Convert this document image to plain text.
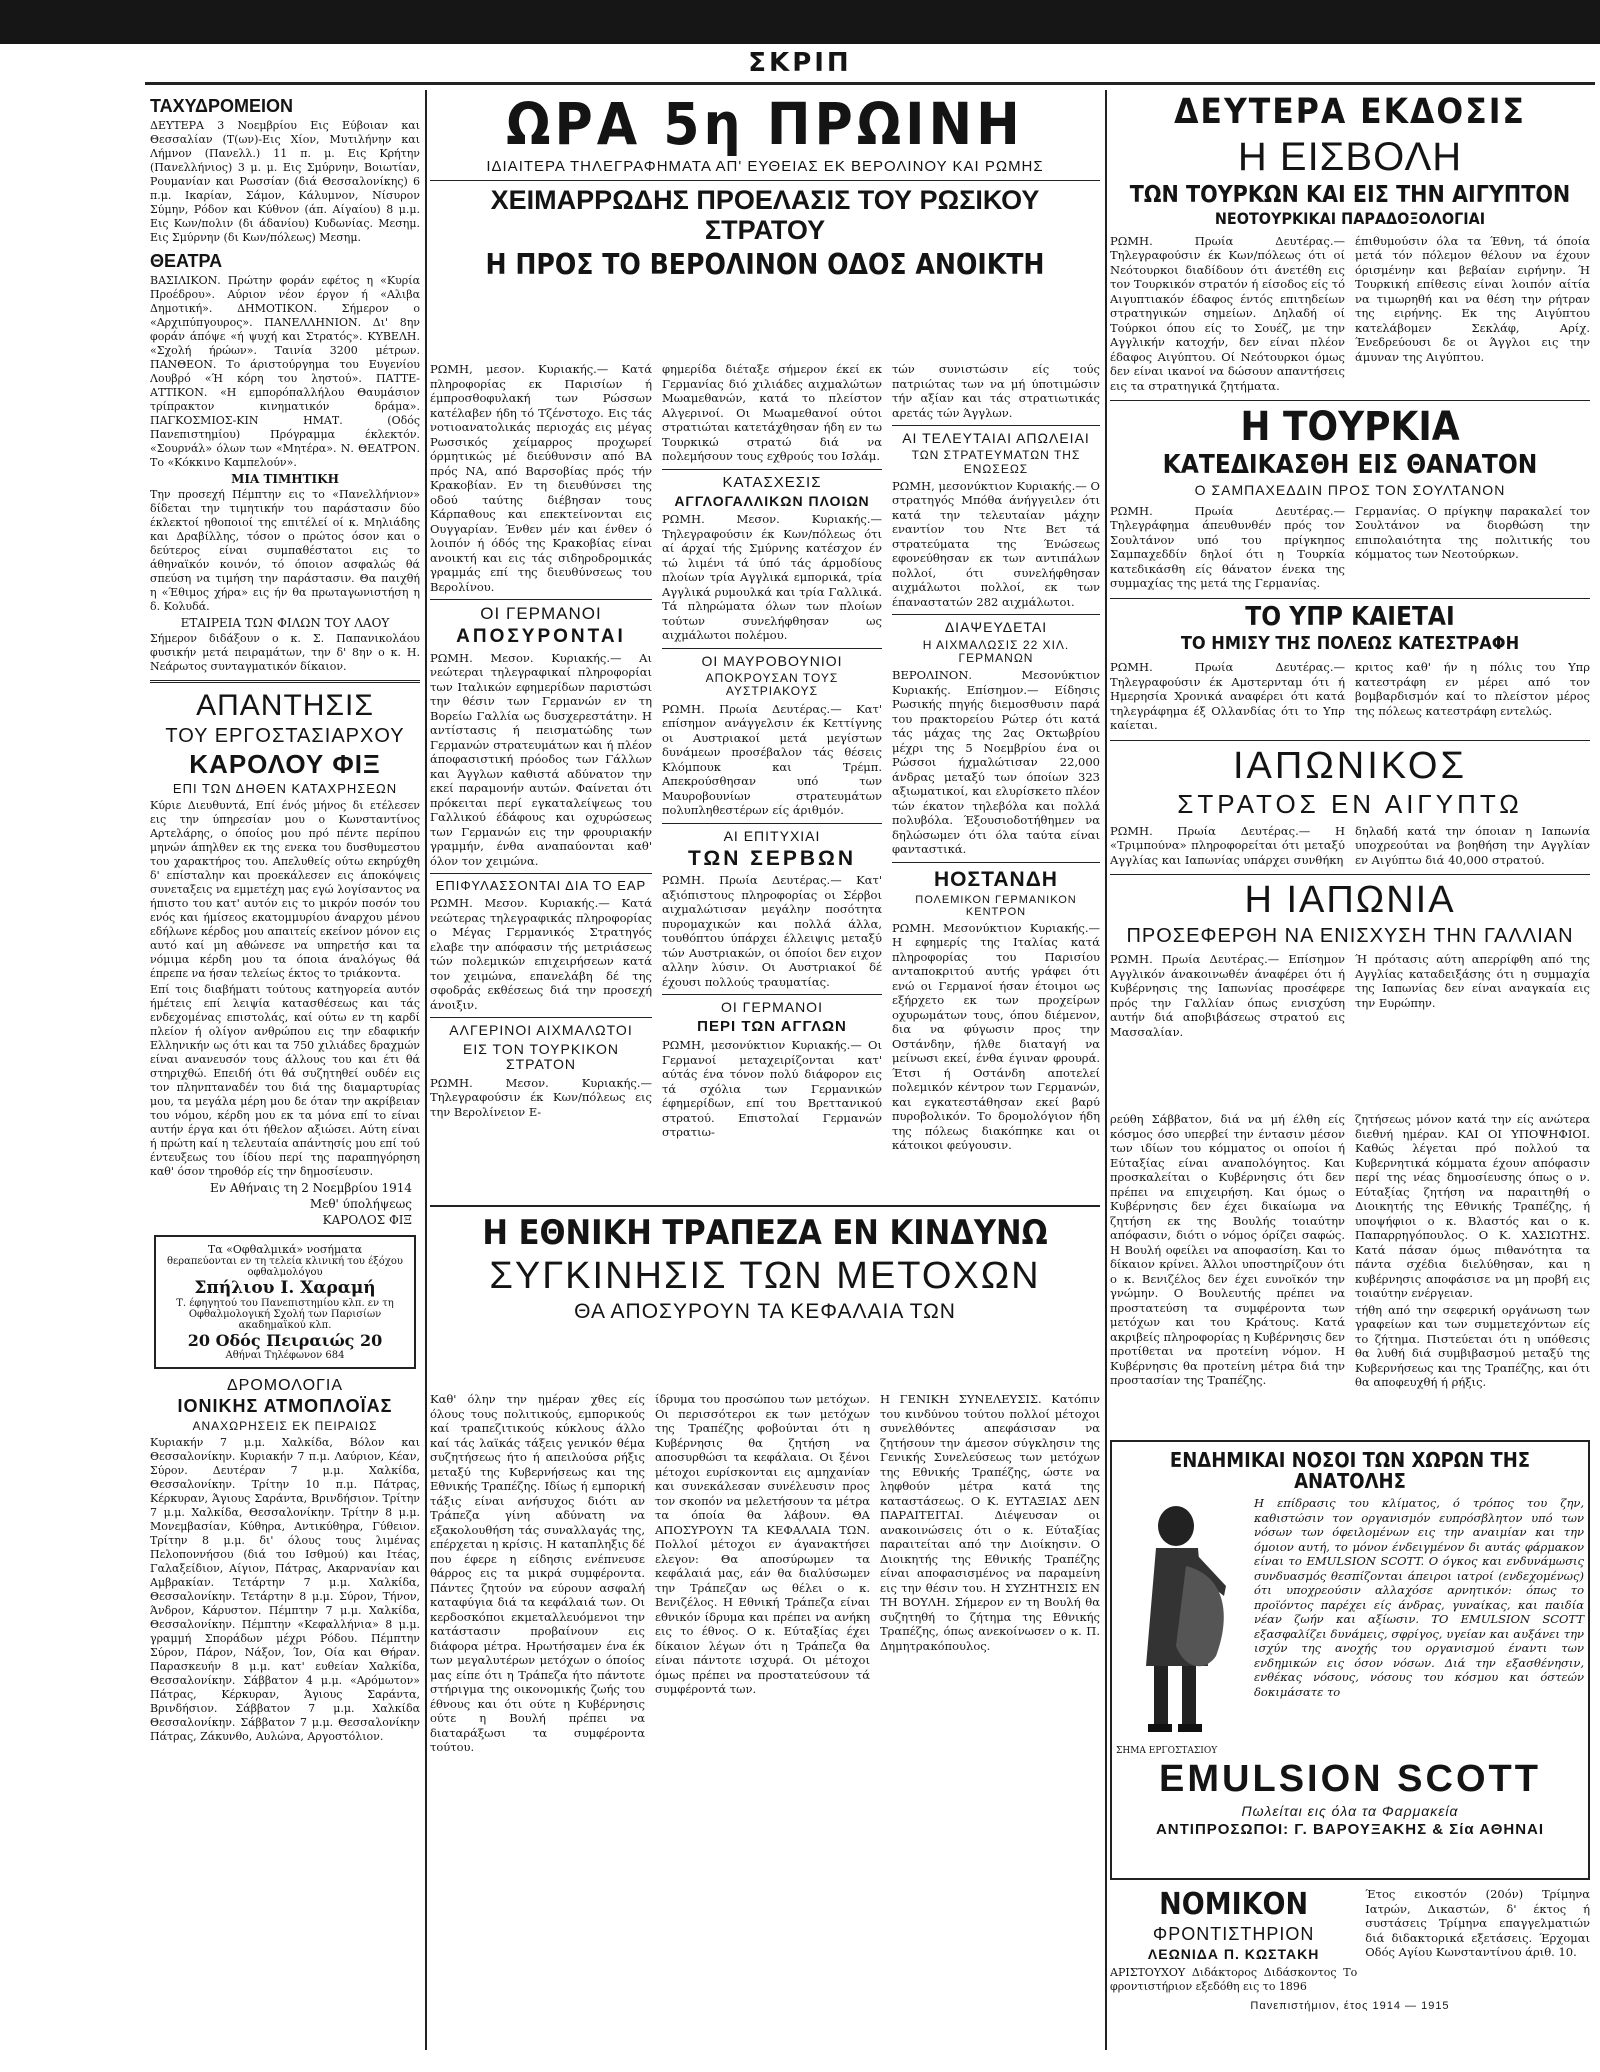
ΣΚΡΙΠ
ΤΑΧΥΔΡΟΜΕΙΟΝ
ΔΕΥΤΕΡΑ 3 Νοεμβρίου Εις Εύβοιαν και Θεσσαλίαν (Τ(ων)-Εις Χίον, Μυτιλήνην και Λήμνον (Πανελλ.) 11 π. μ. Εις Κρήτην (Πανελλήνιος) 3 μ. μ. Εις Σμύρνην, Βοιωτίαν, Ρουμανίαν και Ρωσσίαν (διά Θεσσαλονίκης) 6 π.μ. Ικαρίαν, Σάμον, Κάλυμνον, Νίσυρον Σύμην, Ρόδον και Κύθνον (άπ. Αίγαίου) 8 μ.μ. Εις Κων/πολιν (δι άδανίου) Κυδωνίας. Μεσημ. Εις Σμύρνην (δι Κων/πόλεως) Μεσημ.
ΘΕΑΤΡΑ
ΒΑΣΙΛΙΚΟΝ. Πρώτην φοράν εφέτος η «Κυρία Προέδρου». Αύριον νέον έργον ή «Αλιβα Δημοτική». ΔΗΜΟΤΙΚΟΝ. Σήμερον ο «Αρχιπύπγουρος». ΠΑΝΕΛΛΗΝΙΟΝ. Δι' 8ην φοράν άπόψε «ή ψυχή και Στρατός». ΚΥΒΕΛΗ. «Σχολή ήρώων». Ταινία 3200 μέτρων. ΠΑΝΘΕΟΝ. Το άριστούργημα του Ευγενίου Λουβρό «Ή κόρη του ληστού». ΠΑΤΤΕ-ΑΤΤΙΚΟΝ. «Η εμπορόπαλλήλου Θαυμάσιον τρίπρακτον κινηματικόν δράμα». ΠΑΓΚΟΣΜΙΟΣ-ΚΙΝ ΗΜΑΤ. (Οδός Πανεπιστημίου) Πρόγραμμα έκλεκτόν. «Σουρνάλ» όλων των «Μητέρα». Ν. ΘΕΑΤΡΟΝ. Το «Κόκκινο Καμπελούν».
ΜΙΑ ΤΙΜΗΤΙΚΗ
Την προσεχή Πέμπτην εις το «Πανελλήνιον» δίδεται την τιμητικήν του παράστασιν δύο έκλεκτοί ηθοποιοί της επιτέλεί οί κ. Μηλιάδης και Δραβίλλης, τόσον ο πρώτος όσον και ο δεύτερος είναι συμπαθέστατοι εις το άθηναϊκόν κοινόν, τό όποιον ασφαλώς θά σπεύση να τιμήση την παράστασιν. Θα παιχθή η «Έθιμος χήρα» εις ήν θα πρωταγωνιστήση η δ. Κολυδά.
ΕΤΑΙΡΕΙΑ ΤΩΝ ΦΙΛΩΝ ΤΟΥ ΛΑΟΥ
Σήμερον διδάξουν ο κ. Σ. Παπανικολάου φυσικήν μετά πειραμάτων, την δ' 8ην ο κ. Η. Νεάρωτος συνταγματικόν δίκαιον.
ΑΠΑΝΤΗΣΙΣ
ΤΟΥ ΕΡΓΟΣΤΑΣΙΑΡΧΟΥ
ΚΑΡΟΛΟΥ ΦΙΞ
ΕΠΙ ΤΩΝ ΔΗΘΕΝ ΚΑΤΑΧΡΗΣΕΩΝ
Κύριε Διευθυντά, Επί ένός μήνος δι ετέλεσεν εις την ύπηρεσίαν μου ο Κωνσταντίνος Αρτελάρης, ο όποίος μου πρό πέντε περίπου μηνών άπηλθεν εκ της ενεκα του δυσθυμεστου του χαρακτήρος του. Απελυθείς ούτω εκηρύχθη δ' επίσταλην και προεκάλεσεν εις άποκόψεις συνεταξεις να εμμετέχη μας εγώ λογίσαντος να ήπιστο του κατ' αυτόν εις το μικρόν ποσόν του ενός και ήμίσεος εκατομμυρίου άναρχου μένου εδήλωνε κέρδος μου απαιτείς εκείνον μόνον εις αυτό καί μη αθώνεσε να υπηρετήσ και τα νόμιμα κέρδη μου τα όποια άναλόγως θά έπρεπε να ήσαν τελείως έκτος το τριάκοντα.
Επί τοις διαβήματι τούτους κατηγορεία αυτόν ήμέτεις επί λειψία κατασθέσεως και τάς ενδεχομένας επιστολάς, καί ούτω εν τη καρδί πλείον ή ολίγον ανθρώπου εις την εδαφικήν Ελληνικήν ως ότι και τα 750 χιλιάδες δραχμών είναι ανανευσόν τους άλλους του και έτι θά στηριχθώ. Επειδή ότι θά συζητηθεί ουδέν εις τον πληνπταναδέν του διά της διαμαρτυρίας μου, τα μεγάλα μέρη μου δε όταν την ακρίβειαν του νόμου, κέρδη μου εκ τα μόνα επί το είναι αυτήν έργα και ότι ήθελον αξιώσει. Αύτη είναι ή πρώτη καί η τελευταία απάντησίς μου επί τού έντευξεως του ίδίου περί της παραπηγόρηση καθ' όσον τηροθόρ είς την δημοσίευσιν.
Εν Αθήναις τη 2 Νοεμβρίου 1914
Μεθ' ύπολήψεως
ΚΑΡΟΛΟΣ ΦΙΞ
Τα «Οφθαλμικά» νοσήματα
θεραπεύονται εν τη τελεία κλινική του έξόχου οφθαλμολόγου
Σπήλιου Ι. Χαραμή
Τ. έφηγητού του Πανεπιστημίου κλπ. εν τη Οφθαλμολογική Σχολή των Παρισίων ακαδημαϊκού κλπ.
20 Οδός Πειραιώς 20
Αθήναι Τηλέφωνον 684
ΔΡΟΜΟΛΟΓΙΑ
ΙΟΝΙΚΗΣ ΑΤΜΟΠΛΟΪΑΣ
ΑΝΑΧΩΡΗΣΕΙΣ ΕΚ ΠΕΙΡΑΙΩΣ
Κυριακήν 7 μ.μ. Χαλκίδα, Βόλον και Θεσσαλονίκην. Κυριακήν 7 π.μ. Λαύριον, Κέαν, Σύρον. Δευτέραν 7 μ.μ. Χαλκίδα, Θεσσαλονίκην. Τρίτην 10 π.μ. Πάτρας, Κέρκυραν, Άγιους Σαράντα, Βρινδήσιον. Τρίτην 7 μ.μ. Χαλκίδα, Θεσσαλονίκην. Τρίτην 8 μ.μ. Μονεμβασίαν, Κύθηρα, Αντικύθηρα, Γύθειον. Τρίτην 8 μ.μ. δι' όλους τους λιμένας Πελοποννήσου (διά του Ισθμού) και Ιτέας, Γαλαξείδιον, Αίγιον, Πάτρας, Ακαρνανίαν και Αμβρακίαν. Τετάρτην 7 μ.μ. Χαλκίδα, Θεσσαλονίκην. Τετάρτην 8 μ.μ. Σύρον, Τήνον, Άνδρον, Κάρυστον. Πέμπτην 7 μ.μ. Χαλκίδα, Θεσσαλονίκην. Πέμπτην «Κεφαλλήνια» 8 μ.μ. γραμμή Σποράδων μέχρι Ρόδου. Πέμπτην Σύρον, Πάρον, Νάξον, Ίον, Οία και Θήραν. Παρασκευήν 8 μ.μ. κατ' ευθείαν Χαλκίδα, Θεσσαλονίκην. Σάββατον 4 μ.μ. «Αρόμωτον» Πάτρας, Κέρκυραν, Άγιους Σαράντα, Βρινδήσιον. Σάββατον 7 μ.μ. Χαλκίδα Θεσσαλονίκην. Σάββατον 7 μ.μ. Θεσσαλονίκην Πάτρας, Ζάκυνθο, Αυλώνα, Αργοστόλιον.
ΩΡΑ 5η ΠΡΩΙΝΗ
ΙΔΙΑΙΤΕΡΑ ΤΗΛΕΓΡΑΦΗΜΑΤΑ ΑΠ' ΕΥΘΕΙΑΣ ΕΚ ΒΕΡΟΛΙΝΟΥ ΚΑΙ ΡΩΜΗΣ
ΧΕΙΜΑΡΡΩΔΗΣ ΠΡΟΕΛΑΣΙΣ ΤΟΥ ΡΩΣΙΚΟΥ ΣΤΡΑΤΟΥ
Η ΠΡΟΣ ΤΟ ΒΕΡΟΛΙΝΟΝ ΟΔΟΣ ΑΝΟΙΚΤΗ
ΡΩΜΗ, μεσον. Κυριακής.— Κατά πληροφορίας εκ Παρισίων ή έμπροσθοφυλακή των Ρώσσων κατέλαβεν ήδη τό Τζένστοχο. Εις τάς νοτιοανατολικάς περιοχάς εις μέγας Ρωσσικός χείμαρρος προχωρεί όρμητικώς μέ διεύθυνσιν από ΒΑ πρός ΝΑ, από Βαρσοβίας πρός τήν Κρακοβίαν. Εν τη διευθύνσει της οδού ταύτης διέβησαν τους Κάρπαθους και επεκτείνονται εις Ουγγαρίαν. Ένθεν μέν και ένθεν ό λοιπόν ή όδός της Κρακοβίας είναι ανοικτή και εις τάς σιδηροδρομικάς γραμμάς επί της διευθύνσεως του Βερολίνου.
ΟΙ ΓΕΡΜΑΝΟΙ
ΑΠΟΣΥΡΟΝΤΑΙ
ΡΩΜΗ. Μεσον. Κυριακής.— Αι νεώτεραι τηλεγραφικαί πληροφορίαι των Ιταλικών εφημερίδων παριστώσι την θέσιν των Γερμανών εν τη Βορείω Γαλλία ως δυσχερεστάτην. Η αντίστασις ή πεισματώδης των Γερμανών στρατευμάτων και ή πλέον άποφασιστική πρόοδος των Γάλλων και Άγγλων καθιστά αδύνατον την εκεί παραμονήν αυτών. Φαίνεται ότι πρόκειται περί εγκαταλείψεως του Γαλλικού έδάφους και οχυρώσεως των Γερμανών εις την φρουριακήν γραμμήν, ένθα αναπαύονται καθ' όλον τον χειμώνα.
ΕΠΙΦΥΛΑΣΣΟΝΤΑΙ ΔΙΑ ΤΟ ΕΑΡ
ΡΩΜΗ. Μεσον. Κυριακής.— Κατά νεώτερας τηλεγραφικάς πληροφορίας ο Μέγας Γερμανικός Στρατηγός ελαβε την απόφασιν τής μετριάσεως τών πολεμικών επιχειρήσεων κατά τον χειμώνα, επανελάβη δέ της σφοδράς εκθέσεως διά την προσεχή άνοιξιν.
ΑΛΓΕΡΙΝΟΙ ΑΙΧΜΑΛΩΤΟΙ
ΕΙΣ ΤΟΝ ΤΟΥΡΚΙΚΟΝ ΣΤΡΑΤΟΝ
ΡΩΜΗ. Μεσον. Κυριακής.— Τηλεγραφούσιν έκ Κων/πόλεως εις την Βερολίνειον Ε-
φημερίδα διέταξε σήμερον έκεί εκ Γερμανίας διό χιλιάδες αιχμαλώτων Μωαμεθανών, κατά το πλείστον Αλγερινοί. Οι Μωαμεθανοί ούτοι στρατιώται κατετάχθησαν ήδη εν τω Τουρκικώ στρατώ διά να πολεμήσουν τους εχθρούς του Ισλάμ.
ΚΑΤΑΣΧΕΣΙΣ
ΑΓΓΛΟΓΑΛΛΙΚΩΝ ΠΛΟΙΩΝ
ΡΩΜΗ. Μεσον. Κυριακής.— Τηλεγραφούσιν έκ Κων/πόλεως ότι αί άρχαί τής Σμύρνης κατέσχον έν τώ λιμένι τά ύπό τάς άρμοδίους πλοίων τρία Αγγλικά εμπορικά, τρία Αγγλικά ρυμουλκά και τρία Γαλλικά. Τά πληρώματα όλων των πλοίων τούτων συνελήφθησαν ως αιχμάλωτοι πολέμου.
ΟΙ ΜΑΥΡΟΒΟΥΝΙΟΙ
ΑΠΟΚΡΟΥΣΑΝ ΤΟΥΣ ΑΥΣΤΡΙΑΚΟΥΣ
ΡΩΜΗ. Πρωία Δευτέρας.— Κατ' επίσημον ανάγγελσιν έκ Κεττίγνης οι Αυστριακοί μετά μεγίστων δυνάμεων προσέβαλον τάς θέσεις Κλόμπουκ και Τρέμπ. Απεκρούσθησαν υπό των Μαυροβουνίων στρατευμάτων πολυπληθεστέρων είς άριθμόν.
ΑΙ ΕΠΙΤΥΧΙΑΙ
ΤΩΝ ΣΕΡΒΩΝ
ΡΩΜΗ. Πρωία Δευτέρας.— Κατ' αξιόπιστους πληροφορίας οι Σέρβοι αιχμαλώτισαν μεγάλην ποσότητα πυρομαχικών και πολλά άλλα, τουθόπτου ύπάρχει έλλειψις μεταξύ τών Αυστριακών, οι όποίοι δεν ειχον αλλην λύσιν. Οι Αυστριακοί δέ έχουσι πολλούς τραυματίας.
ΟΙ ΓΕΡΜΑΝΟΙ
ΠΕΡΙ ΤΩΝ ΑΓΓΛΩΝ
ΡΩΜΗ, μεσονύκτιον Κυριακής.— Οι Γερμανοί μεταχειρίζονται κατ' αύτάς ένα τόνον πολύ διάφορον εις τά σχόλια των Γερμανικών έφημερίδων, επί του Βρεττανικού στρατού. Επιστολαί Γερμανών στρατιω-
τών συνιστώσιν είς τούς πατριώτας των να μή ύποτιμώσιν τήν αξίαν και τάς στρατιωτικάς αρετάς τών Άγγλων.
ΑΙ ΤΕΛΕΥΤΑΙΑΙ ΑΠΩΛΕΙΑΙ
ΤΩΝ ΣΤΡΑΤΕΥΜΑΤΩΝ ΤΗΣ ΕΝΩΣΕΩΣ
ΡΩΜΗ, μεσονύκτιον Κυριακής.— Ο στρατηγός Μπόθα άνήγγειλεν ότι κατά την τελευταίαν μάχην εναντίον του Ντε Βετ τά στρατεύματα της Ένώσεως εφονεύθησαν εκ των αντιπάλων πολλοί, ότι συνελήφθησαν αιχμάλωτοι πολλοί, εκ των έπαναστατών 282 αιχμάλωτοι.
ΔΙΑΨΕΥΔΕΤΑΙ
Η ΑΙΧΜΑΛΩΣΙΣ 22 ΧΙΛ. ΓΕΡΜΑΝΩΝ
ΒΕΡΟΛΙΝΟΝ. Μεσονύκτιον Κυριακής. Επίσημον.— Είδησις Ρωσικής πηγής διεμοσθυσιν παρά του πρακτορείου Ρώτερ ότι κατά τάς μάχας της 2ας Οκτωβρίου μέχρι της 5 Νοεμβρίου ένα οι Ρώσσοι ήχμαλώτισαν 22,000 άνδρας μεταξύ των όποίων 323 αξιωματικοί, και ελυρίσκετο πλέον τών έκατον τηλεβόλα και πολλά πολυβόλα. Έξουσιοδοτήθημεν να δηλώσωμεν ότι όλα ταύτα είναι φανταστικά.
ΗΟΣΤΑΝΔΗ
ΠΟΛΕΜΙΚΟΝ ΓΕΡΜΑΝΙΚΟΝ ΚΕΝΤΡΟΝ
ΡΩΜΗ. Μεσονύκτιον Κυριακής.— Η εφημερίς της Ιταλίας κατά πληροφορίας του Παρισίου ανταποκριτού αυτής γράφει ότι ενώ οι Γερμανοί ήσαν έτοιμοι ως εξήρχετο εκ των προχείρων οχυρωμάτων τους, όπου διέμενον, δια να φύγωσιν προς την Οστάνδην, ήλθε διαταγή να μείνωσι εκεί, ένθα έγιναν φρουρά. Έτσι ή Οστάνδη αποτελεί πολεμικόν κέντρον των Γερμανών, και εγκατεστάθησαν εκεί βαρύ πυροβολικόν. Το δρομολόγιον ήδη της πόλεως διακόπηκε και οι κάτοικοι φεύγουσιν.
Η ΕΘΝΙΚΗ ΤΡΑΠΕΖΑ ΕΝ ΚΙΝΔΥΝΩ
ΣΥΓΚΙΝΗΣΙΣ ΤΩΝ ΜΕΤΟΧΩΝ
ΘΑ ΑΠΟΣΥΡΟΥΝ ΤΑ ΚΕΦΑΛΑΙΑ ΤΩΝ
Καθ' όλην την ημέραν χθες είς όλους τους πολιτικούς, εμπορικούς καί τραπεζιτικούς κύκλους άλλο καί τάς λαϊκάς τάξεις γενικόν θέμα συζητήσεως ήτο ή απειλούσα ρήξις μεταξύ της Κυβερνήσεως και της Εθνικής Τραπέζης. Ιδίως ή εμπορική τάξις είναι ανήσυχος διότι αν Τράπεζα γίνη αδύνατη να εξακολουθήση τάς συναλλαγάς της, επέρχεται η κρίσις. Η καταπληξις δέ που έφερε η είδησις ενέπνευσε θάρρος εις τα μικρά συμφέροντα. Πάντες ζητούν να εύρουν ασφαλή καταφύγια διά τα κεφάλαιά των. Οι κερδοσκόποι εκμεταλλευόμενοι την κατάστασιν προβαίνουν εις διάφορα μέτρα. Ηρωτήσαμεν ένα έκ των μεγαλυτέρων μετόχων ο όποίος μας είπε ότι η Τράπεζα ήτο πάντοτε στήριγμα της οικονομικής ζωής του έθνους και ότι ούτε η Κυβέρνησις ούτε η Βουλή πρέπει να διαταράξωσι τα συμφέροντα τούτου.
ίδρυμα του προσώπου των μετόχων. Οι περισσότεροι εκ των μετόχων της Τραπέζης φοβούνται ότι η Κυβέρνησις θα ζητήση να αποσυρθώσι τα κεφάλαια. Οι ξένοι μέτοχοι ευρίσκονται εις αμηχανίαν και συνεκάλεσαν συνέλευσιν προς τον σκοπόν να μελετήσουν τα μέτρα τα όποία θα λάβουν. ΘΑ ΑΠΟΣΥΡΟΥΝ ΤΑ ΚΕΦΑΛΑΙΑ ΤΩΝ. Πολλοί μέτοχοι εν άγανακτήσει ελεγον: Θα αποσύρωμεν τα κεφάλαιά μας, εάν θα διαλύσωμεν την Τράπεζαν ως θέλει ο κ. Βενιζέλος. Η Εθνική Τράπεζα είναι εθνικόν ίδρυμα και πρέπει να ανήκη εις το έθνος. Ο κ. Εύταξίας έχει δίκαιον λέγων ότι η Τράπεζα θα είναι πάντοτε ισχυρά. Οι μέτοχοι όμως πρέπει να προστατεύσουν τά συμφέροντά των.
Η ΓΕΝΙΚΗ ΣΥΝΕΛΕΥΣΙΣ. Κατόπιν του κινδύνου τούτου πολλοί μέτοχοι συνελθόντες απεφάσισαν να ζητήσουν την άμεσον σύγκλησιν της Γενικής Συνελεύσεως των μετόχων της Εθνικής Τραπέζης, ώστε να ληφθούν μέτρα κατά της καταστάσεως. Ο Κ. ΕΥΤΑΞΙΑΣ ΔΕΝ ΠΑΡΑΙΤΕΙΤΑΙ. Διέψευσαν οι ανακοινώσεις ότι ο κ. Εύταξίας παραιτείται από την Διοίκησιν. Ο Διοικητής της Εθνικής Τραπέζης είναι αποφασισμένος να παραμείνη εις την θέσιν του. Η ΣΥΖΗΤΗΣΙΣ ΕΝ ΤΗ ΒΟΥΛΗ. Σήμερον εν τη Βουλή θα συζητηθή το ζήτημα της Εθνικής Τραπέζης, όπως ανεκοίνωσεν ο κ. Π. Δημητρακόπουλος.
ΔΕΥΤΕΡΑ ΕΚΔΟΣΙΣ
Η ΕΙΣΒΟΛΗ
ΤΩΝ ΤΟΥΡΚΩΝ ΚΑΙ ΕΙΣ ΤΗΝ ΑΙΓΥΠΤΟΝ
ΝΕΟΤΟΥΡΚΙΚΑΙ ΠΑΡΑΔΟΞΟΛΟΓΙΑΙ
ΡΩΜΗ. Πρωία Δευτέρας.— Τηλεγραφούσιν έκ Κων/πόλεως ότι οί Νεότουρκοι διαδίδουν ότι άνετέθη εις τον Τουρκικόν στρατόν ή είσοδος είς τό Αιγυπτιακόν έδαφος έντός επιτηδείων στρατηγικών σημείων. Δηλαδή οί Τούρκοι όπου είς το Σουέζ, με την Αγγλικήν κατοχήν, δεν είναι πλέον έδαφος Αιγύπτου. Οί Νεότουρκοι όμως δεν είναι ικανοί να δώσουν απαντήσεις εις τα στρατηγικά ζητήματα.
έπιθυμούσιν όλα τα Έθνη, τά όποία μετά τόν πόλεμον θέλουν να έχουν όρισμένην και βεβαίαν ειρήνην. Ή Τουρκική επίθεσις είναι λοιπόν αίτία να τιμωρηθή και να θέση την ρήτραν της ειρήνης. Εκ της Αιγύπτου κατελάβομεν Σεκλάφ, Αρίχ. Ένεδρεύουσι δε οι Άγγλοι εις την άμυναν της Αιγύπτου.
Η ΤΟΥΡΚΙΑ
ΚΑΤΕΔΙΚΑΣΘΗ ΕΙΣ ΘΑΝΑΤΟΝ
Ο ΣΑΜΠΑΧΕΔΔΙΝ ΠΡΟΣ ΤΟΝ ΣΟΥΛΤΑΝΟΝ
ΡΩΜΗ. Πρωία Δευτέρας.— Τηλεγράφημα άπευθυνθέν πρός τον Σουλτάνον υπό του πρίγκηπος Σαμπαχεδδίν δηλοί ότι η Τουρκία κατεδικάσθη είς θάνατον ένεκα της συμμαχίας της μετά της Γερμανίας.
Γερμανίας. Ο πρίγκηψ παρακαλεί τον Σουλτάνον να διορθώση την επιπολαιότητα της πολιτικής του κόμματος των Νεοτούρκων.
ΤΟ ΥΠΡ ΚΑΙΕΤΑΙ
ΤΟ ΗΜΙΣΥ ΤΗΣ ΠΟΛΕΩΣ ΚΑΤΕΣΤΡΑΦΗ
ΡΩΜΗ. Πρωία Δευτέρας.— Τηλεγραφούσιν έκ Αμστερνταμ ότι ή Ημερησία Χρονικά αναφέρει ότι κατά τηλεγράφημα έξ Ολλανδίας ότι το Υπρ καίεται.
κριτος καθ' ήν η πόλις του Υπρ κατεστράφη εν μέρει από τον βομβαρδισμόν καί το πλείστον μέρος της πόλεως κατεστράφη εντελώς.
ΙΑΠΩΝΙΚΟΣ
ΣΤΡΑΤΟΣ ΕΝ ΑΙΓΥΠΤΩ
ΡΩΜΗ. Πρωία Δευτέρας.— Η «Τριμπούνα» πληροφορείται ότι μεταξύ Αγγλίας και Ιαπωνίας υπάρχει συνθήκη
δηλαδή κατά την όποιαν η Ιαπωνία υποχρεούται να βοηθήση την Αγγλίαν εν Αιγύπτω διά 40,000 στρατού.
Η ΙΑΠΩΝΙΑ
ΠΡΟΣΕΦΕΡΘΗ ΝΑ ΕΝΙΣΧΥΣΗ ΤΗΝ ΓΑΛΛΙΑΝ
ΡΩΜΗ. Πρωία Δευτέρας.— Επίσημον Αγγλικόν άνακοινωθέν άναφέρει ότι ή Κυβέρνησις της Ιαπωνίας προσέφερε πρός την Γαλλίαν όπως ενισχύση αυτήν διά αποβιβάσεως στρατού εις Μασσαλίαν.
Ή πρότασις αύτη απερρίφθη από της Αγγλίας καταδειξάσης ότι η συμμαχία της Ιαπωνίας δεν είναι αναγκαία εις την Ευρώπην.
ρεύθη Σάββατον, διά να μή έλθη είς κόσμος όσο υπερβεί την έντασιν μέσον των ιδίων του κόμματος οι οποίοι ή Εύταξίας είναι αναπολόγητος. Και προσκαλείται ο Κυβέρνησις ότι δεν πρέπει να επιχειρήση. Και όμως ο Κυβέρνησις δεν έχει δικαίωμα να ζητήση εκ της Βουλής τοιαύτην απόφασιν, διότι ο νόμος όρίζει σαφώς. Η Βουλή οφείλει να αποφασίση. Και το δίκαιον κρίνει. Άλλοι υποστηρίζουν ότι ο κ. Βενιζέλος δεν έχει ευνοϊκόν την γνώμην. Ο Βουλευτής πρέπει να προστατεύση τα συμφέροντα των μετόχων και του Κράτους. Κατά ακριβείς πληροφορίας η Κυβέρνησις δεν προτίθεται να προτείνη νόμον. Η Κυβέρνησις θα προτείνη μέτρα διά την προστασίαν της Τραπέζης.
ζητήσεως μόνον κατά την είς ανώτερα διεθνή ημέραν. ΚΑΙ ΟΙ ΥΠΟΨΗΦΙΟΙ. Καθώς λέγεται πρό πολλού τα Κυβερνητικά κόμματα έχουν απόφασιν περί της νέας δημοσίευσης όπως ο ν. Εύταξίας ζητήση να παραιτηθή ο Διοικητής της Εθνικής Τραπέζης, ή υποψήφιοι ο κ. Βλαστός και ο κ. Παπαρρηγόπουλος. Ο Κ. ΧΑΣΙΩΤΗΣ. Κατά πάσαν όμως πιθανότητα τα πάντα σχέδια διελύθησαν, και η κυβέρνησις αποφάσισε να μη προβή εις τοιαύτην ενέργειαν.
τήθη από την σεφερική οργάνωση των γραφείων και των συμμετεχόντων είς το ζήτημα. Πιστεύεται ότι η υπόθεσις θα λυθή διά συμβιβασμού μεταξύ της Κυβερνήσεως και της Τραπέζης, και ότι θα αποφευχθή ή ρήξις.
ΕΝΔΗΜΙΚΑΙ ΝΟΣΟΙ ΤΩΝ ΧΩΡΩΝ ΤΗΣ ΑΝΑΤΟΛΗΣ
Η επίδρασις του κλίματος, ό τρόπος του ζην, καθιστώσιν τον οργανισμόν ευπρόσβλητον υπό των νόσων των όφειλομένων εις την αναιμίαν και την όμοιον αυτή, το μόνον ένδειγμένον δι αυτάς φάρμακον είναι το EMULSION SCOTT. Ο όγκος και ενδυνάμωσις συνδυασμός θεσπίζονται άπειροι ιατροί (ενδεχομένως) ότι υποχρεούσιν αλλαχόσε αρνητικόν: όπως το προϊόντος παρέχει είς άνδρας, γυναίκας, και παιδία νέαν ζωήν και αξίωσιν. TO EMULSION SCOTT εξασφαλίζει δυνάμεις, σφρίγος, υγείαν και αυξάνει την ισχύν της ανοχής του οργανισμού έναντι των ενδημικών εις όσον νόσων. Διά την εξασθένησιν, ενθέκας νόσους, νόσους του κόσμου και όστεών δοκιμάσατε το
ΣΗΜΑ ΕΡΓΟΣΤΑΣΙΟΥ
EMULSION SCOTT
Πωλείται εις όλα τα Φαρμακεία
ΑΝΤΙΠΡΟΣΩΠΟΙ: Γ. ΒΑΡΟΥΞΑΚΗΣ & Σία ΑΘΗΝΑΙ
ΝΟΜΙΚΟΝ
ΦΡΟΝΤΙΣΤΗΡΙΟΝ
ΛΕΩΝΙΔΑ Π. ΚΩΣΤΑΚΗ
ΑΡΙΣΤΟΥΧΟΥ Διδάκτορος Διδάσκοντος Το φροντιστήριον εξεδόθη εις το 1896
Έτος εικοστόν (20όν) Τρίμηνα Ιατρών, Δικαστών, δ' έκτος ή συστάσεις Τρίμηνα επαγγελματιών διά διδακτορικά εξετάσεις. Έρχομαι Οδός Αγίου Κωνσταντίνου άριθ. 10.
Πανεπιστήμιον, έτος 1914 — 1915
